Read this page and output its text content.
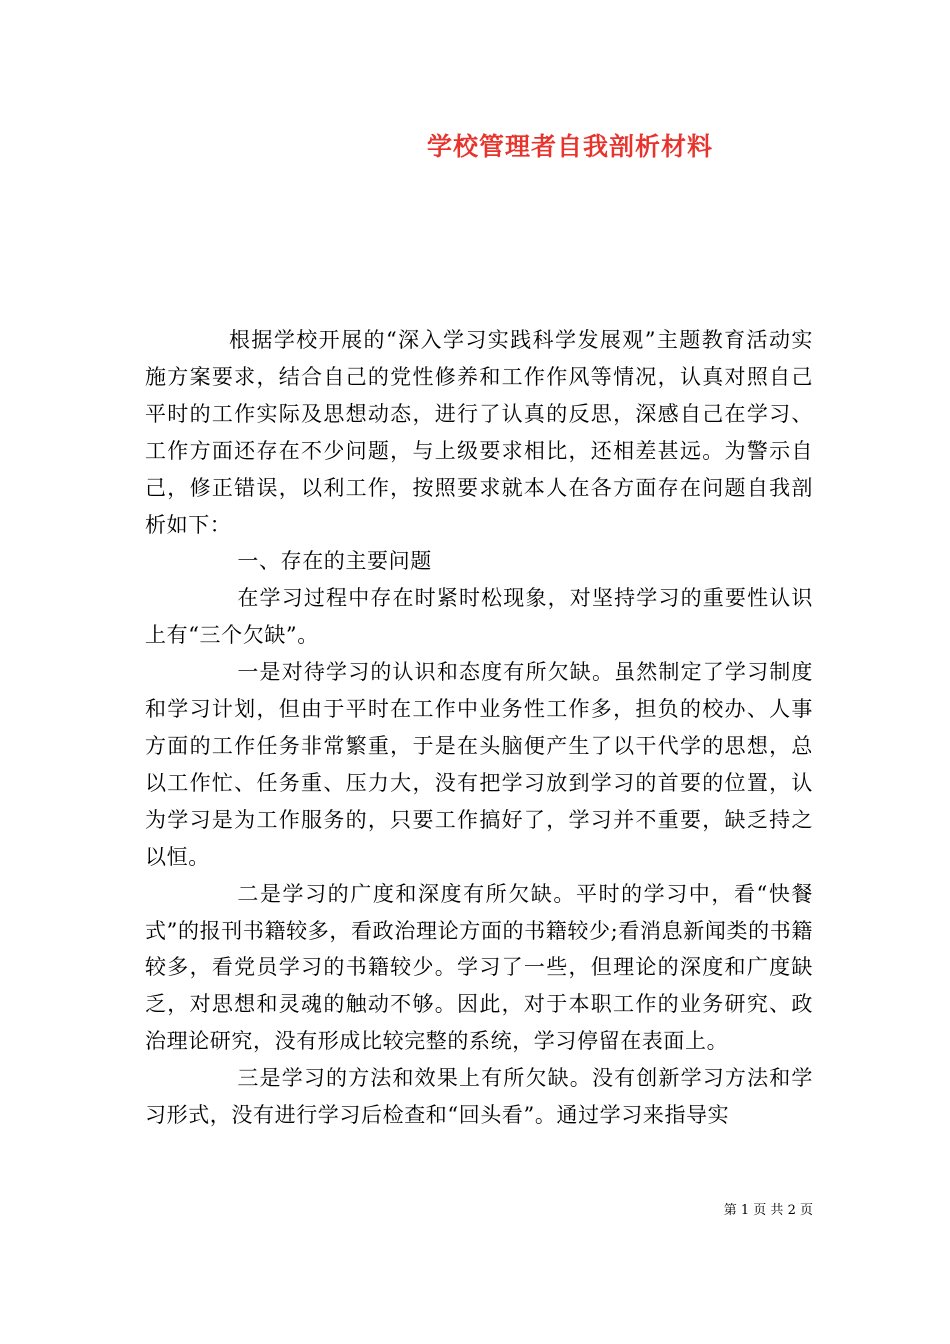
学校管理者自我剖析材料

根据学校开展的“深入学习实践科学发展观”主题教育活动实施方案要求，结合自己的党性修养和工作作风等情况，认真对照自己平时的工作实际及思想动态，进行了认真的反思，深感自己在学习、工作方面还存在不少问题，与上级要求相比，还相差甚远。为警示自己，修正错误，以利工作，按照要求就本人在各方面存在问题自我剖析如下：

一、存在的主要问题

在学习过程中存在时紧时松现象，对坚持学习的重要性认识上有“三个欠缺”。

一是对待学习的认识和态度有所欠缺。虽然制定了学习制度和学习计划，但由于平时在工作中业务性工作多，担负的校办、人事方面的工作任务非常繁重，于是在头脑便产生了以干代学的思想，总以工作忙、任务重、压力大，没有把学习放到学习的首要的位置，认为学习是为工作服务的，只要工作搞好了，学习并不重要，缺乏持之以恒。

二是学习的广度和深度有所欠缺。平时的学习中，看“快餐式”的报刊书籍较多，看政治理论方面的书籍较少;看消息新闻类的书籍较多，看党员学习的书籍较少。学习了一些，但理论的深度和广度缺乏，对思想和灵魂的触动不够。因此，对于本职工作的业务研究、政治理论研究，没有形成比较完整的系统，学习停留在表面上。

三是学习的方法和效果上有所欠缺。没有创新学习方法和学习形式，没有进行学习后检查和“回头看”。通过学习来指导实

第 1 页 共 2 页
